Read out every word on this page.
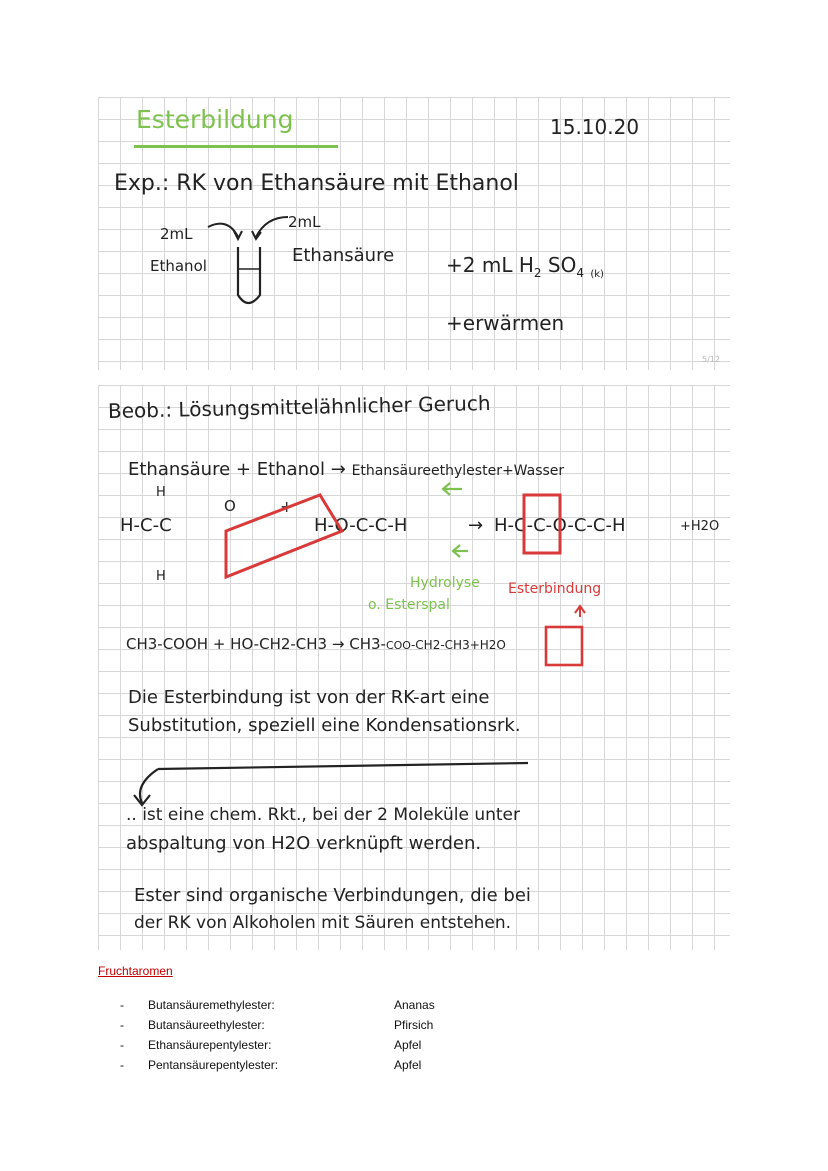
Esterbildung	15.10.20
Exp.: RK von Ethansäure mit Ethanol
2mL
Ethanol
2mL
Ethansäure	+2 mL $H_2$ $SO_4$ $_{(k)}$
+erwärmen
5/12
Beob.: Lösungsmittelähnlicher Geruch
Ethansäure + Ethanol → Ethansäureethylester+Wasser
H
H-C-C
O
H
+
H-O-C-C-H	→ H-C-C-O-C-C-H	+H2O
Hydrolyse
o. Esterspal
Esterbindung
CH3-COOH + HO-CH2-CH3 → CH3-COO-CH2-CH3+H2O
Die Esterbindung ist von der RK-art eine
Substitution, speziell eine Kondensationsrk.
.. ist eine chem. Rkt., bei der 2 Moleküle unter
abspaltung von H2O verknüpft werden.
Ester sind organische Verbindungen, die bei
der RK von Alkoholen mit Säuren entstehen.
Fruchtaromen
- Butansäuremethylester:	Ananas
- Butansäureethylester:	Pfirsich
- Ethansäurepentylester:	Apfel
- Pentansäurepentylester:	Apfel
